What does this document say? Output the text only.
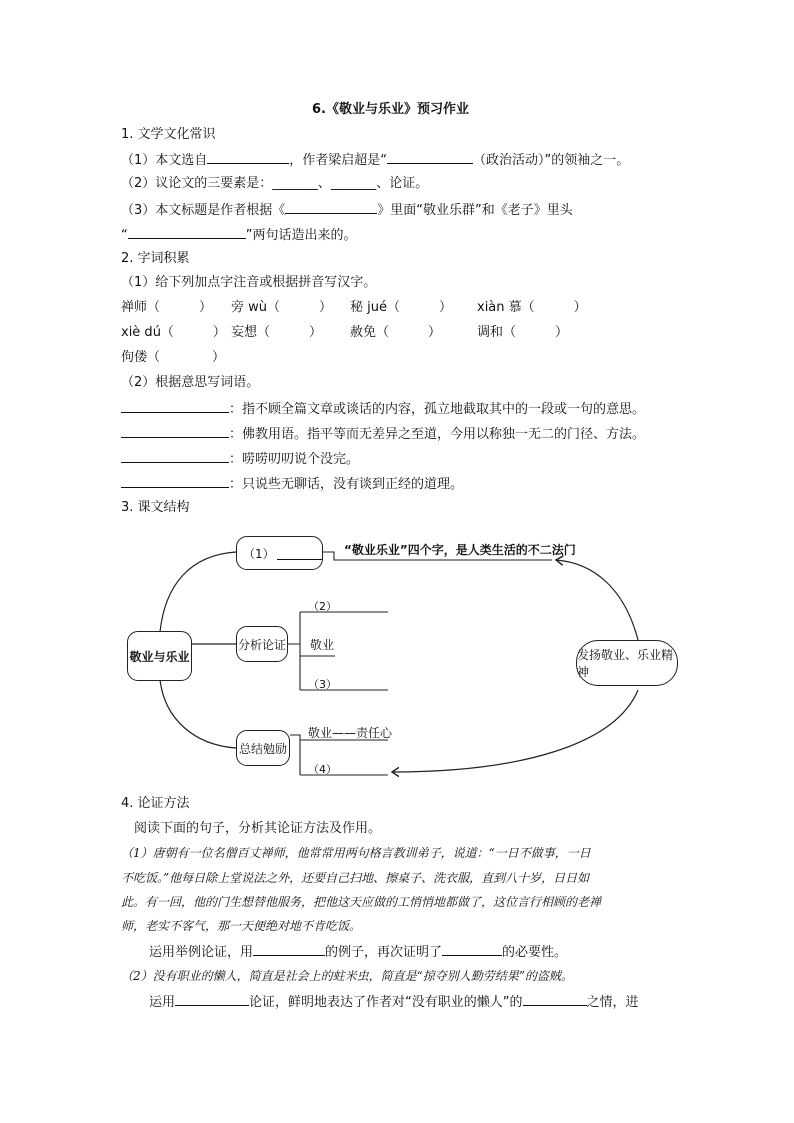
6.《敬业与乐业》预习作业
1. 文学文化常识
（1）本文选自	，作者梁启超是“	（政治活动）”的领袖之一。
（2）议论文的三要素是：_______、_______、论证。
（3）本文标题是作者根据《	》里面“敬业乐群”和《老子》里头
“	”两句话造出来的。
2. 字词积累
（1）给下列加点字注音或根据拼音写汉字。
禅师（　　　） 旁 wù（　　　） 秘 jué（　　　） xiàn 慕（　　　）
xiè dú（　　　） 妄想（　　　） 赦免（　　　）	调和（　　　）
佝偻（　　　　）
（2）根据意思写词语。
：指不顾全篇文章或谈话的内容，孤立地截取其中的一段或一句的意思。
：佛教用语。指平等而无差异之至道，今用以称独一无二的门径、方法。
：唠唠叨叨说个没完。
：只说些无聊话，没有谈到正经的道理。
3. 课文结构
敬业与乐业
（1）
分析论证
总结勉励
发扬敬业、乐业精神
“敬业乐业”四个字，是人类生活的不二法门
（2）
敬业
（3）
敬业——责任心
（4）
4. 论证方法
阅读下面的句子，分析其论证方法及作用。
（1）唐朝有一位名僧百丈禅师，他常常用两句格言教训弟子，说道：“一日不做事，一日
不吃饭。”他每日除上堂说法之外，还要自己扫地、擦桌子、洗衣服，直到八十岁，日日如
此。有一回，他的门生想替他服务，把他这天应做的工悄悄地都做了，这位言行相顾的老禅
师，老实不客气，那一天便绝对地不肯吃饭。
运用举例论证，用	的例子，再次证明了	的必要性。
（2）没有职业的懒人，简直是社会上的蛀米虫，简直是“掠夺别人勤劳结果”的盗贼。
运用	论证，鲜明地表达了作者对“没有职业的懒人”的	之情，进
